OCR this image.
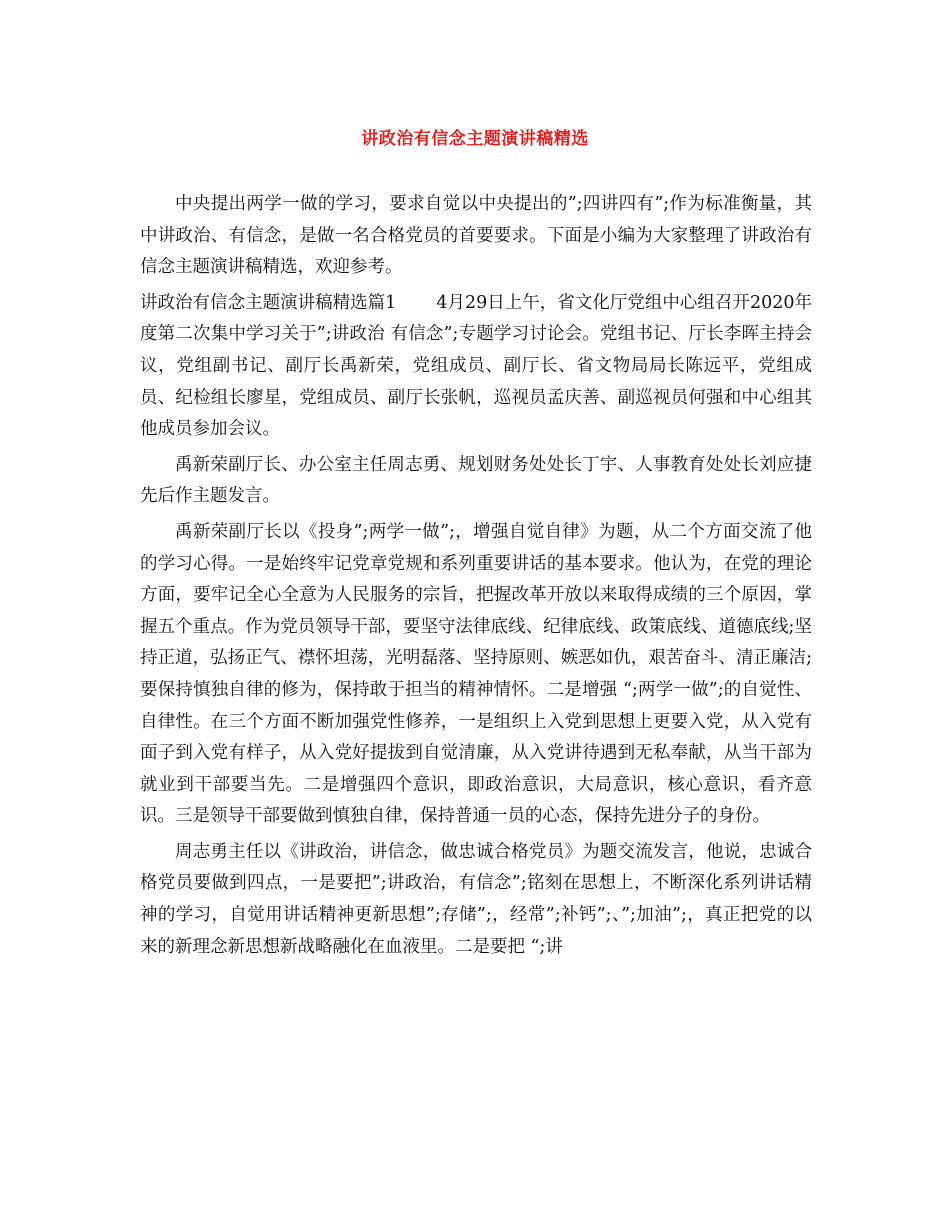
讲政治有信念主题演讲稿精选

中央提出两学一做的学习，要求自觉以中央提出的”;四讲四有”;作为标准衡量，其中讲政治、有信念，是做一名合格党员的首要要求。下面是小编为大家整理了讲政治有信念主题演讲稿精选，欢迎参考。

讲政治有信念主题演讲稿精选篇1 4月29日上午，省文化厅党组中心组召开2020年度第二次集中学习关于”;讲政治 有信念”;专题学习讨论会。党组书记、厅长李晖主持会议，党组副书记、副厅长禹新荣，党组成员、副厅长、省文物局局长陈远平，党组成员、纪检组长廖星，党组成员、副厅长张帆，巡视员孟庆善、副巡视员何强和中心组其他成员参加会议。

禹新荣副厅长、办公室主任周志勇、规划财务处处长丁宇、人事教育处处长刘应捷先后作主题发言。

禹新荣副厅长以《投身”;两学一做”;，增强自觉自律》为题，从二个方面交流了他的学习心得。一是始终牢记党章党规和系列重要讲话的基本要求。他认为，在党的理论方面，要牢记全心全意为人民服务的宗旨，把握改革开放以来取得成绩的三个原因，掌握五个重点。作为党员领导干部，要坚守法律底线、纪律底线、政策底线、道德底线;坚持正道，弘扬正气、襟怀坦荡，光明磊落、坚持原则、嫉恶如仇，艰苦奋斗、清正廉洁;要保持慎独自律的修为，保持敢于担当的精神情怀。二是增强 “;两学一做”;的自觉性、自律性。在三个方面不断加强党性修养，一是组织上入党到思想上更要入党，从入党有面子到入党有样子，从入党好提拔到自觉清廉，从入党讲待遇到无私奉献，从当干部为就业到干部要当先。二是增强四个意识，即政治意识，大局意识，核心意识，看齐意识。三是领导干部要做到慎独自律，保持普通一员的心态，保持先进分子的身份。

周志勇主任以《讲政治，讲信念，做忠诚合格党员》为题交流发言，他说，忠诚合格党员要做到四点，一是要把”;讲政治，有信念”;铭刻在思想上，不断深化系列讲话精神的学习，自觉用讲话精神更新思想”;存储”;，经常”;补钙”;、”;加油”;，真正把党的以来的新理念新思想新战略融化在血液里。二是要把 “;讲
